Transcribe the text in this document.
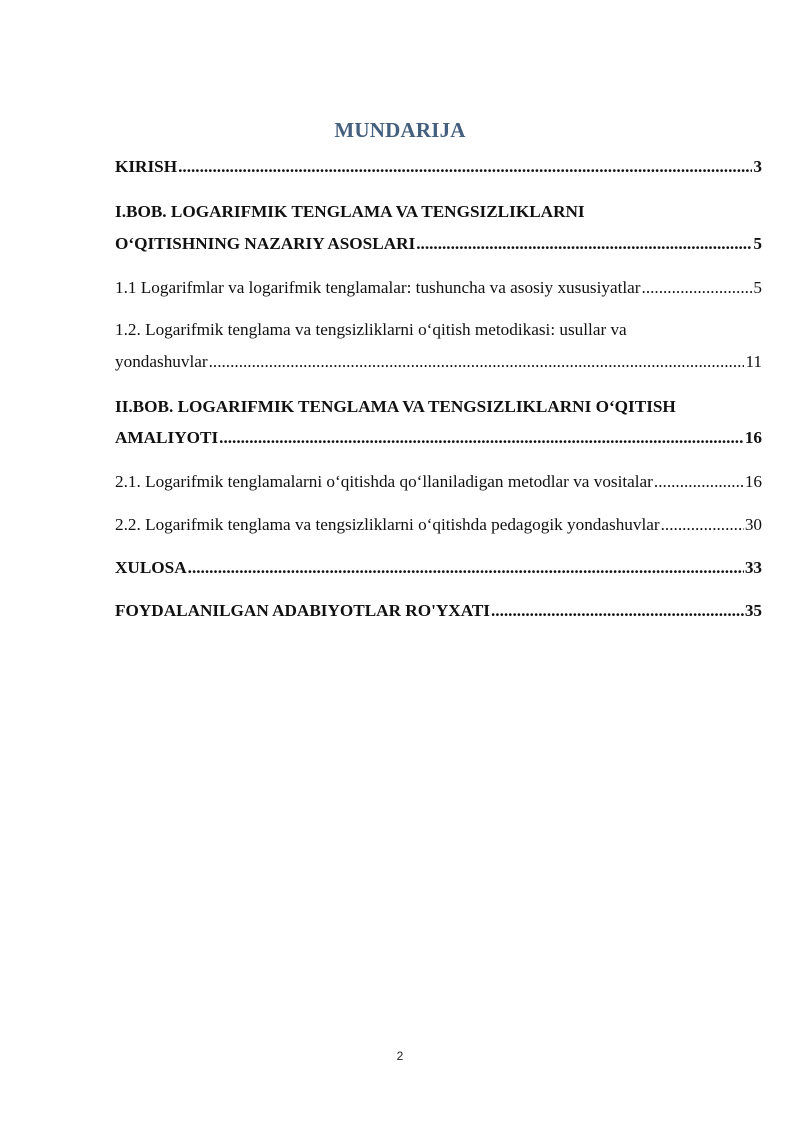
MUNDARIJA
KIRISH .....	3
I.BOB. LOGARIFMIK TENGLAMA VA TENGSIZLIKLARNI
O‘QITISHNING NAZARIY ASOSLARI .....	5
1.1 Logarifmlar va logarifmik tenglamalar: tushuncha va asosiy xususiyatlar .....	5
1.2. Logarifmik tenglama va tengsizliklarni o‘qitish metodikasi: usullar va
yondashuvlar .....	11
II.BOB. LOGARIFMIK TENGLAMA VA TENGSIZLIKLARNI O‘QITISH
AMALIYOTI .....	16
2.1. Logarifmik tenglamalarni o‘qitishda qo‘llaniladigan metodlar va vositalar .....	16
2.2. Logarifmik tenglama va tengsizliklarni o‘qitishda pedagogik yondashuvlar .....	30
XULOSA .....	33
FOYDALANILGAN ADABIYOTLAR RO'YXATI .....	35
2
